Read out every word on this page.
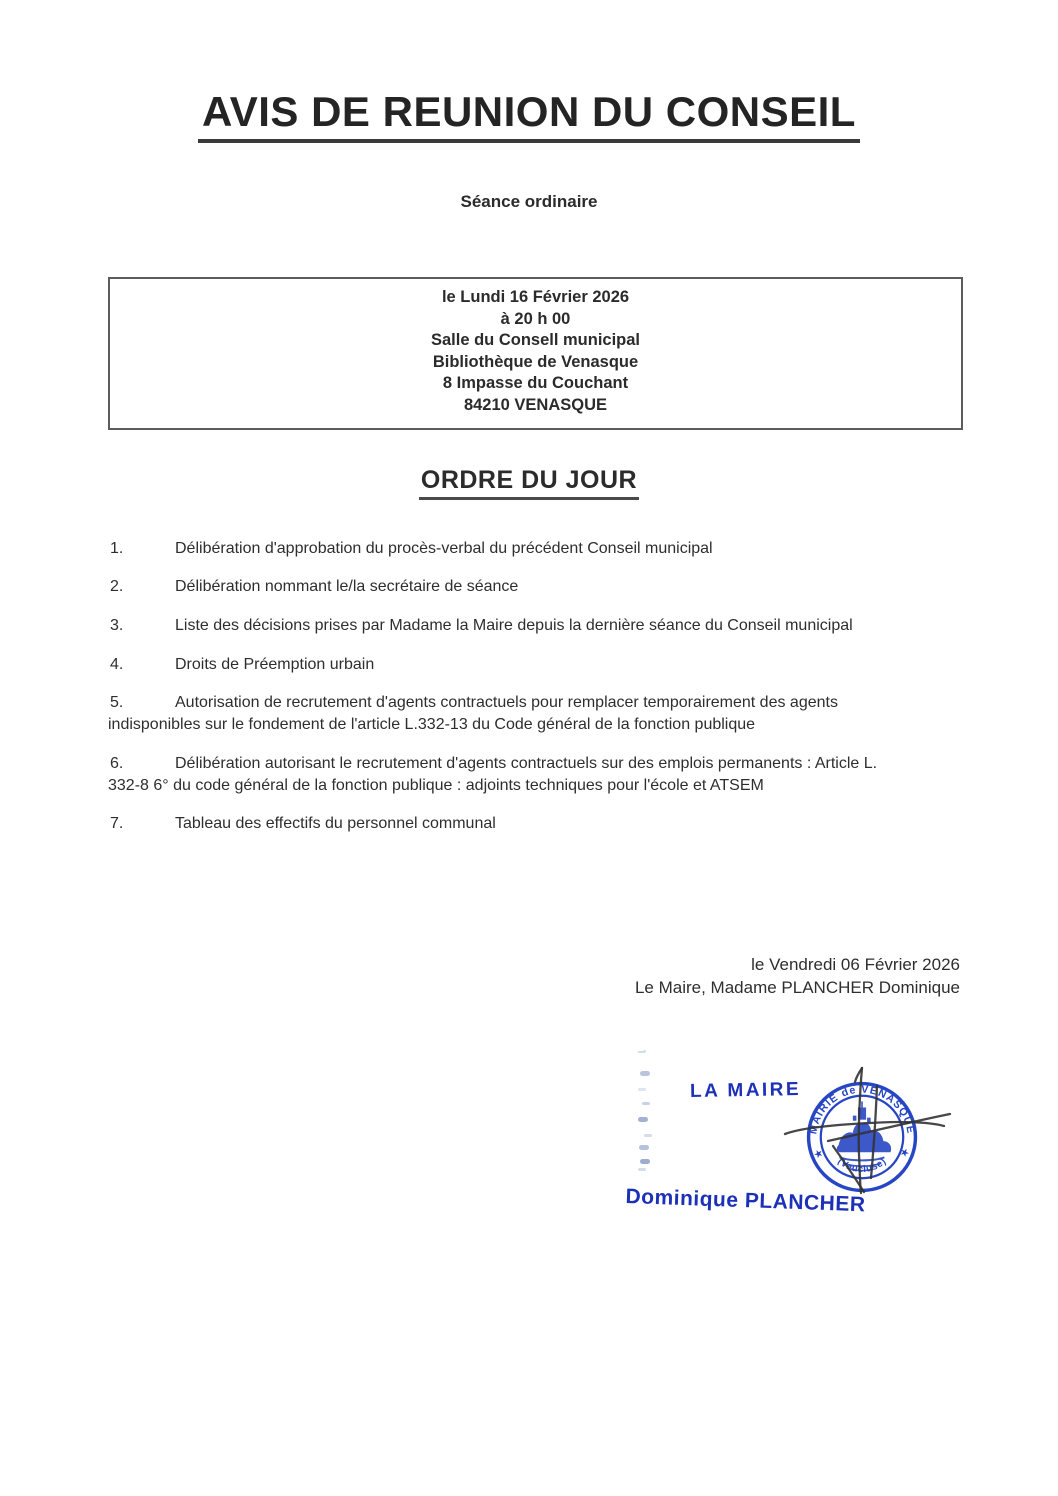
AVIS DE REUNION DU CONSEIL
Séance ordinaire
le Lundi 16 Février 2026
à 20 h 00
Salle du Consell municipal
Bibliothèque de Venasque
8 Impasse du Couchant
84210 VENASQUE
ORDRE DU JOUR
1.	Délibération d'approbation du procès-verbal du précédent Conseil municipal
2.	Délibération nommant le/la secrétaire de séance
3.	Liste des décisions prises par Madame la Maire depuis la dernière séance du Conseil municipal
4.	Droits de Préemption urbain
5.	Autorisation de recrutement d'agents contractuels pour remplacer temporairement des agents
indisponibles sur le fondement de l'article L.332-13 du Code général de la fonction publique
6.	Délibération autorisant le recrutement d'agents contractuels sur des emplois permanents : Article L.
332-8 6° du code général de la fonction publique : adjoints techniques pour l'école et ATSEM
7.	Tableau des effectifs du personnel communal
le Vendredi 06 Février 2026
Le Maire, Madame PLANCHER Dominique
LA MAIRE
MAIRIE de VENASQUE
(Vaucluse)
★	★
Dominique PLANCHER
